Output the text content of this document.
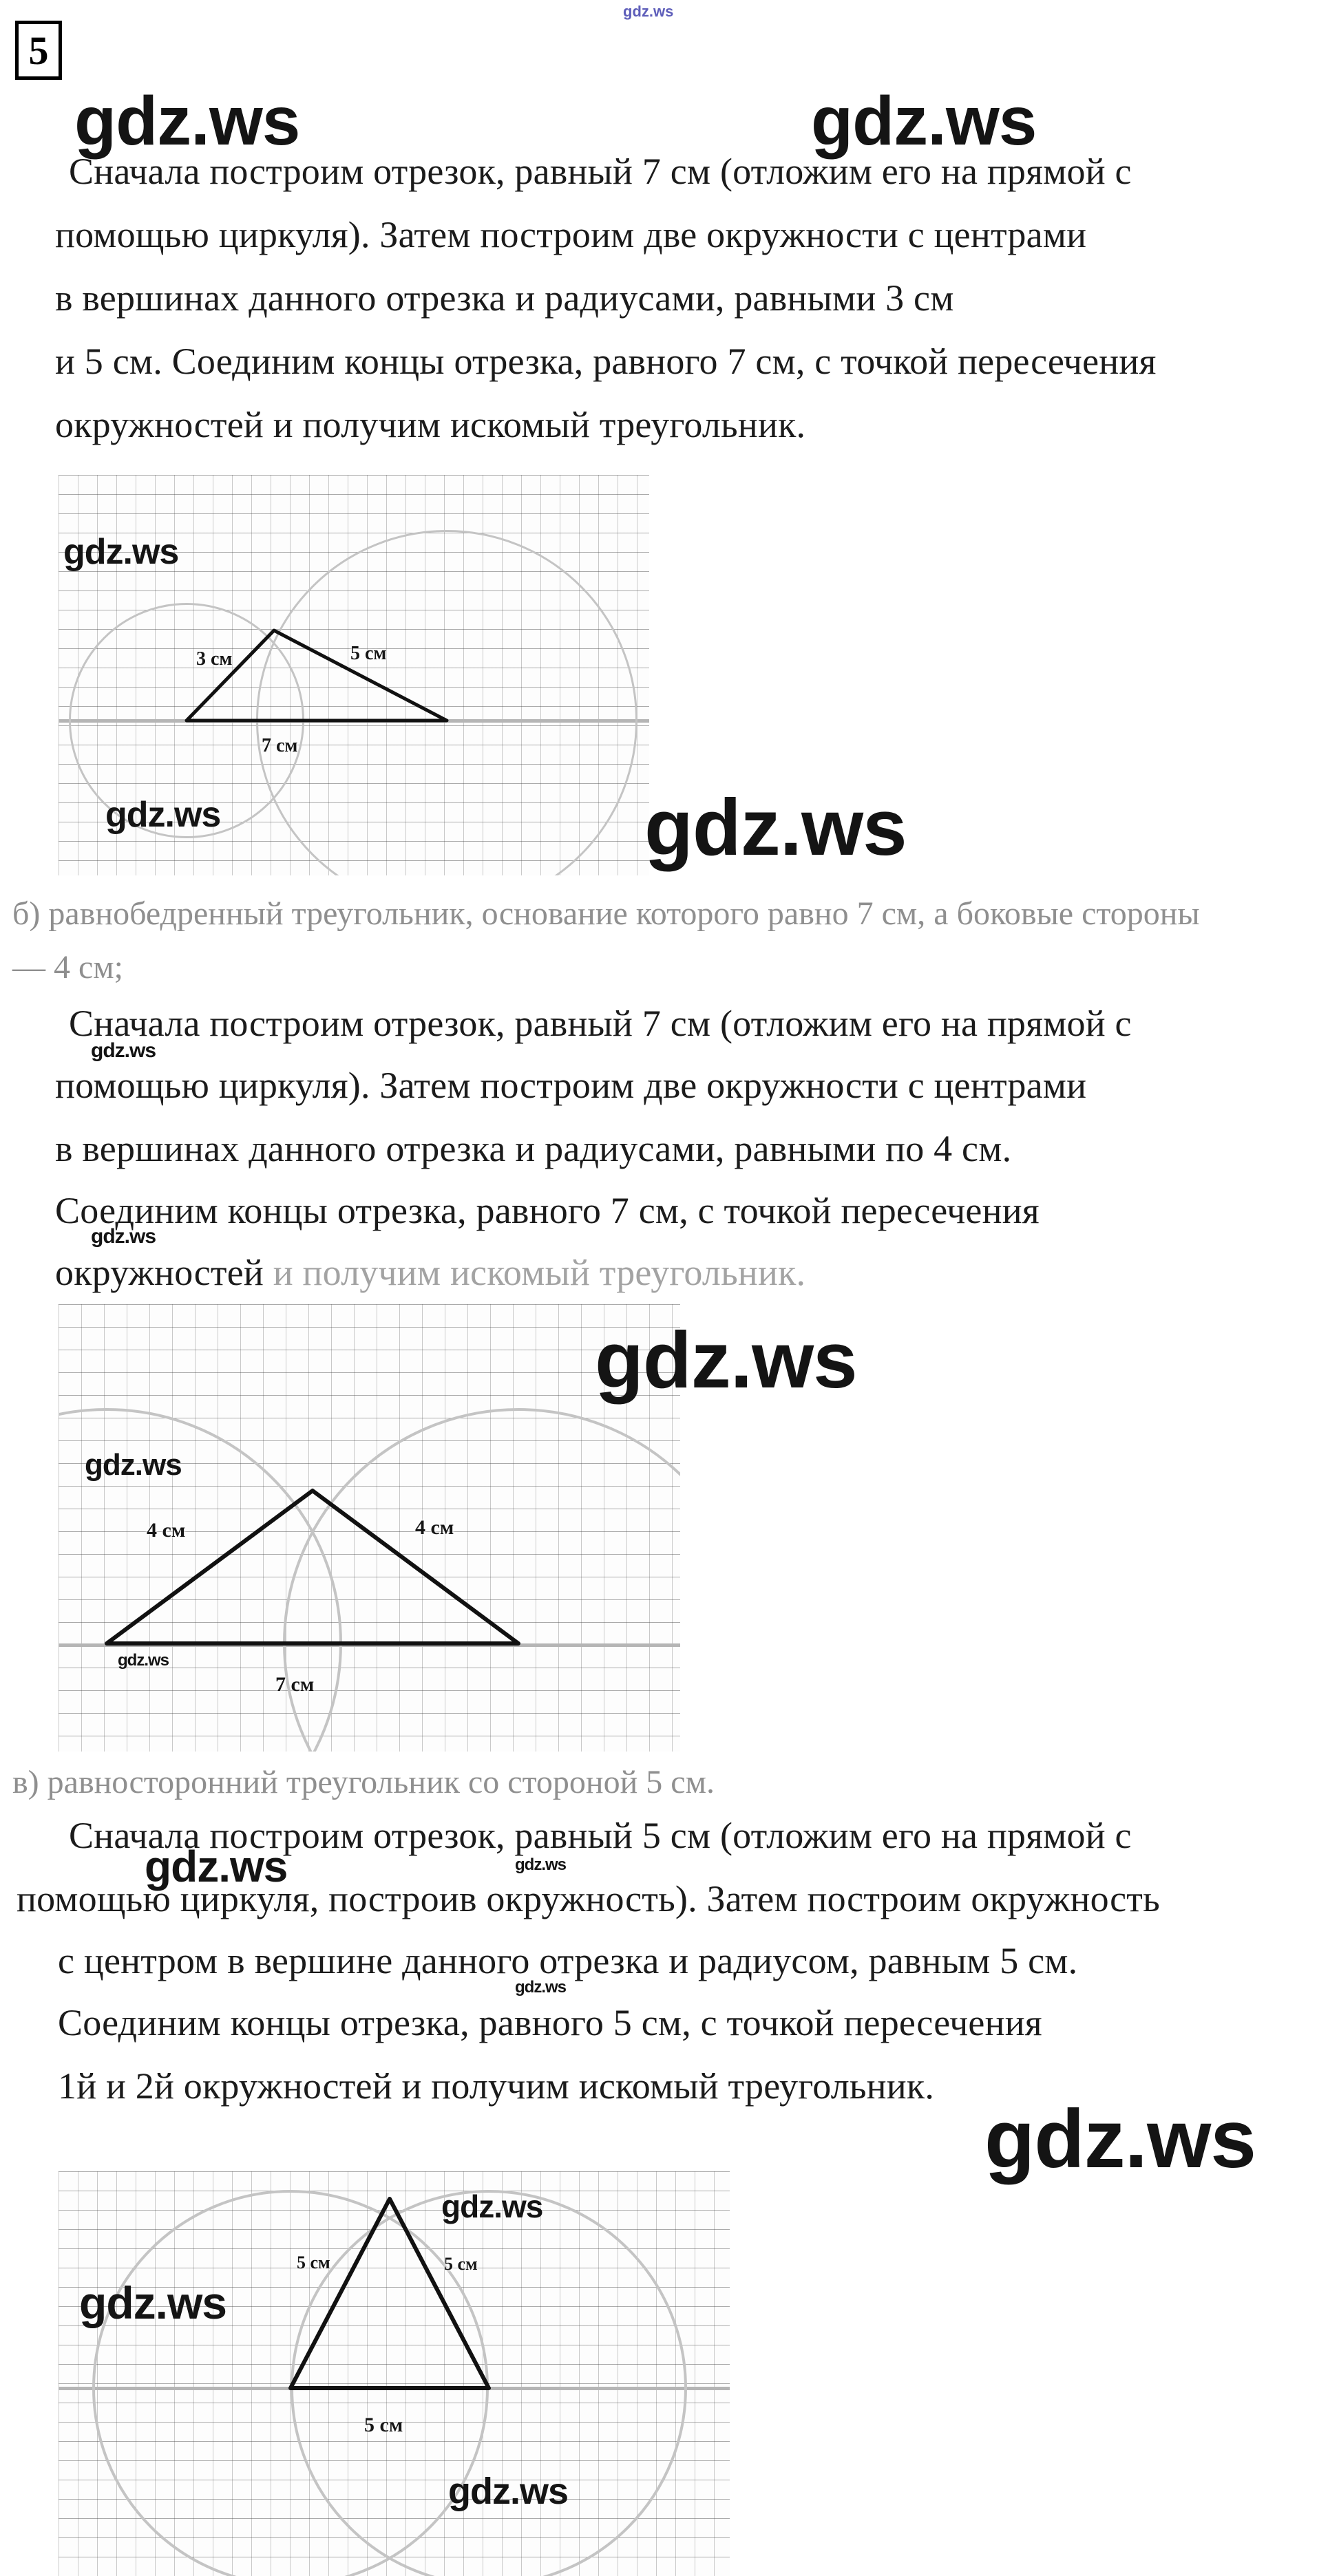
gdz.ws
5
gdz.ws	gdz.ws
Сначала построим отрезок, равный 7 см (отложим его на прямой с
помощью циркуля). Затем построим две окружности с центрами
в вершинах данного отрезка и радиусами, равными 3 см
и 5 см. Соединим концы отрезка, равного 7 см, с точкой пересечения
окружностей и получим искомый треугольник.
3 см	5 см
7 см
gdz.ws
gdz.ws	gdz.ws
б) равнобедренный треугольник, основание которого равно 7 см, а боковые стороны
— 4 см;
Сначала построим отрезок, равный 7 см (отложим его на прямой с
gdz.ws
помощью циркуля). Затем построим две окружности с центрами
в вершинах данного отрезка и радиусами, равными по 4 см.
Соединим концы отрезка, равного 7 см, с точкой пересечения
gdz.ws
окружностей и получим искомый треугольник.
4 см	4 см
7 см
gdz.ws
gdz.ws
gdz.ws
в) равносторонний треугольник со стороной 5 см.
Сначала построим отрезок, равный 5 см (отложим его на прямой с
gdz.ws	gdz.ws
помощью циркуля, построив окружность). Затем построим окружность
с центром в вершине данного отрезка и радиусом, равным 5 см.
gdz.ws
Соединим концы отрезка, равного 5 см, с точкой пересечения
1й и 2й окружностей и получим искомый треугольник.
gdz.ws
5 см	5 см
5 см
gdz.ws
gdz.ws
gdz.ws
